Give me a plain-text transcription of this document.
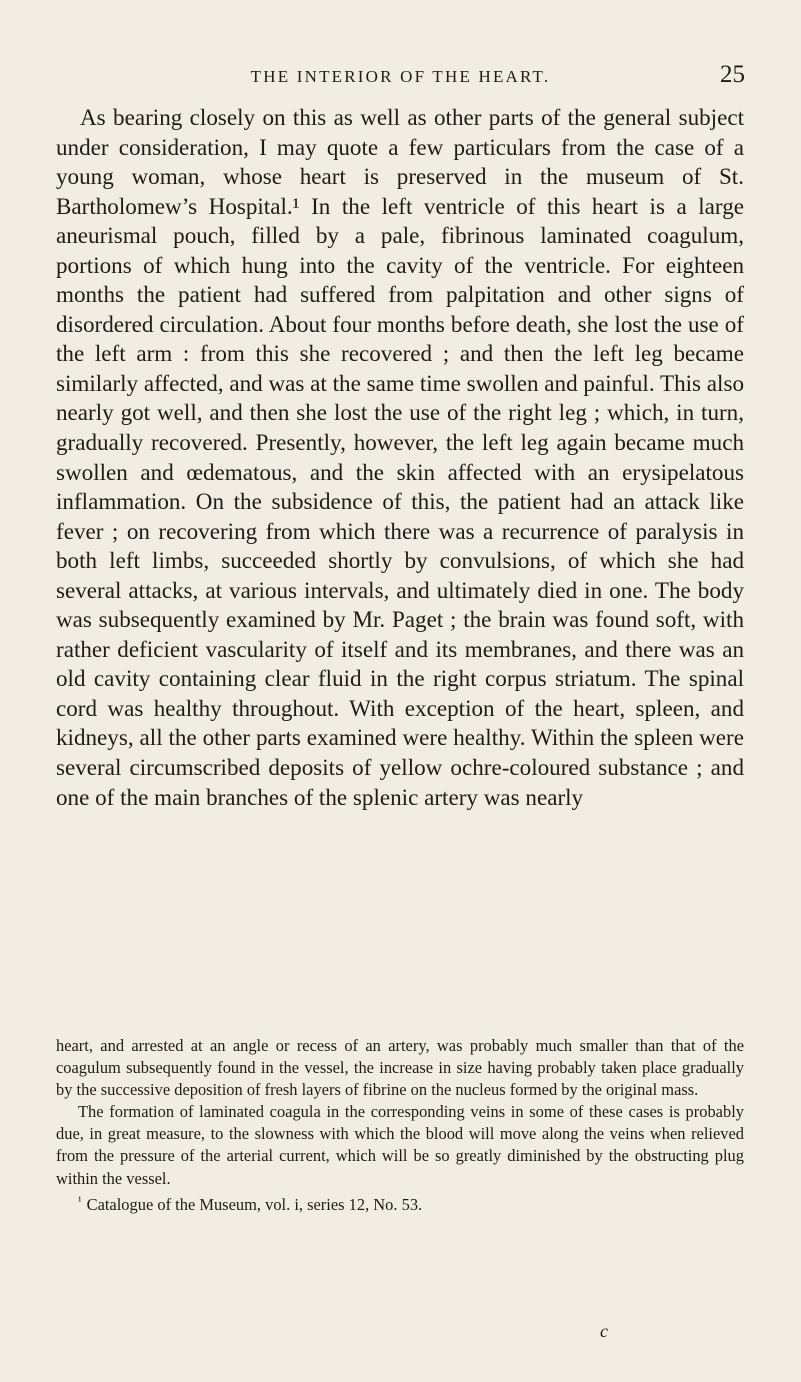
THE INTERIOR OF THE HEART.	25

As bearing closely on this as well as other parts of the general subject under consideration, I may quote a few particulars from the case of a young woman, whose heart is preserved in the museum of St. Bartholomew’s Hospital.¹ In the left ventricle of this heart is a large aneurismal pouch, filled by a pale, fibrinous laminated coagulum, portions of which hung into the cavity of the ventricle. For eighteen months the patient had suffered from palpitation and other signs of disordered circulation. About four months before death, she lost the use of the left arm : from this she recovered ; and then the left leg became similarly affected, and was at the same time swollen and painful. This also nearly got well, and then she lost the use of the right leg ; which, in turn, gradually recovered. Presently, however, the left leg again became much swollen and œdematous, and the skin affected with an erysipelatous inflammation. On the subsidence of this, the patient had an attack like fever ; on recovering from which there was a recurrence of paralysis in both left limbs, succeeded shortly by convulsions, of which she had several attacks, at various intervals, and ultimately died in one. The body was subsequently examined by Mr. Paget ; the brain was found soft, with rather deficient vascularity of itself and its membranes, and there was an old cavity containing clear fluid in the right corpus striatum. The spinal cord was healthy throughout. With exception of the heart, spleen, and kidneys, all the other parts examined were healthy. Within the spleen were several circumscribed deposits of yellow ochre-coloured substance ; and one of the main branches of the splenic artery was nearly

heart, and arrested at an angle or recess of an artery, was probably much smaller than that of the coagulum subsequently found in the vessel, the increase in size having probably taken place gradually by the successive deposition of fresh layers of fibrine on the nucleus formed by the original mass.

The formation of laminated coagula in the corresponding veins in some of these cases is probably due, in great measure, to the slowness with which the blood will move along the veins when relieved from the pressure of the arterial current, which will be so greatly diminished by the obstructing plug within the vessel.

$^{^1}$ Catalogue of the Museum, vol. i, series 12, No. 53.

c
